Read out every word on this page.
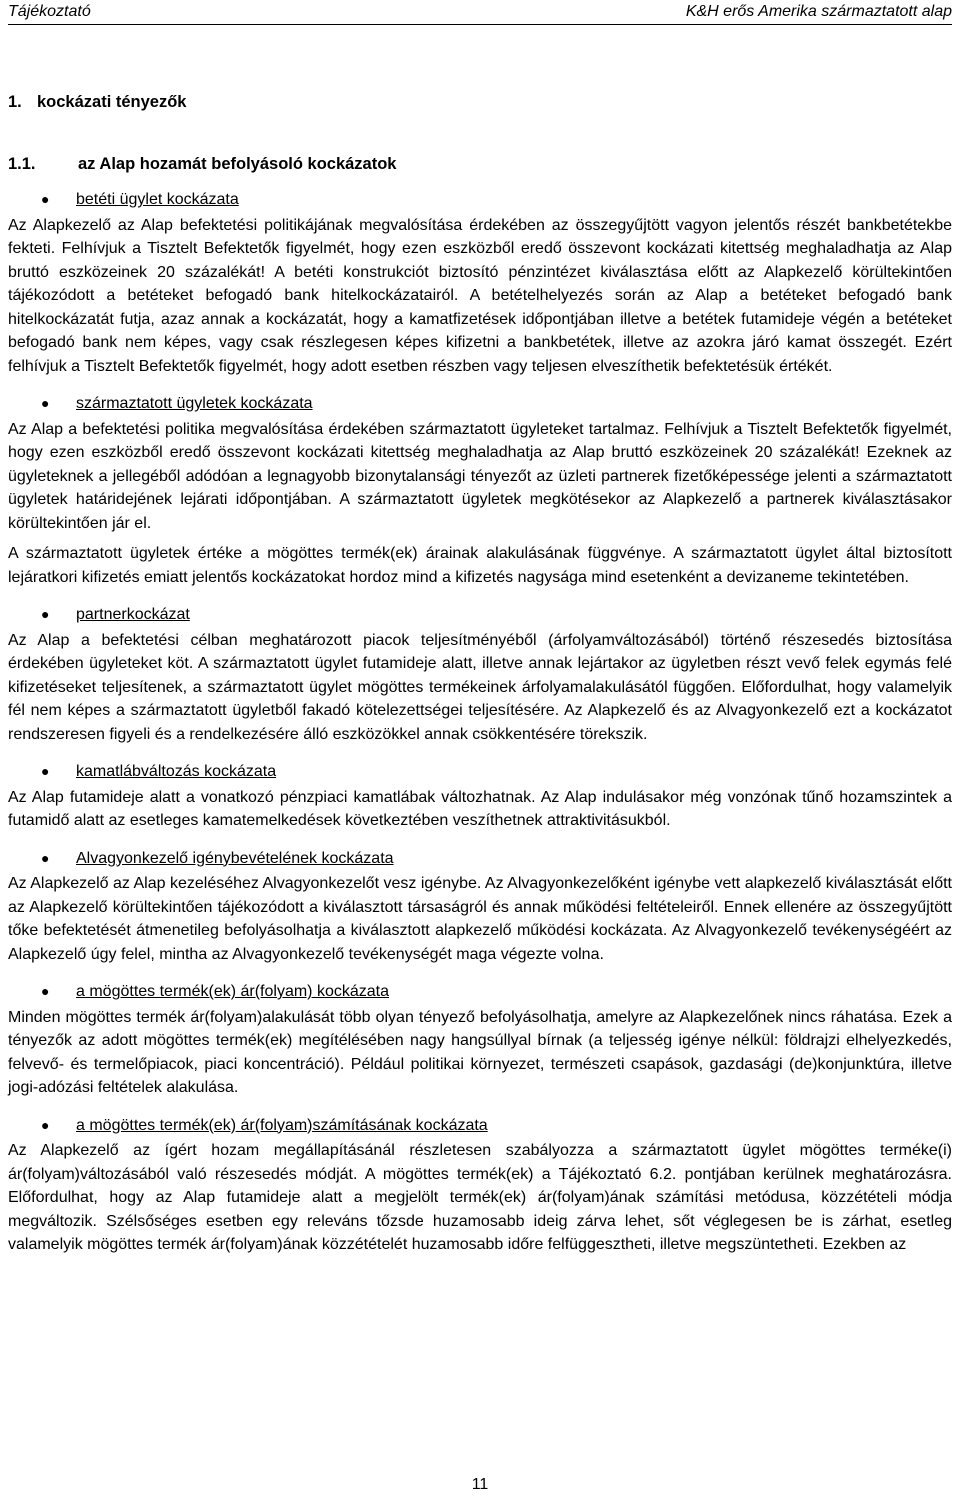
Tájékoztató	K&H erős Amerika származtatott alap
1. kockázati tényezők
1.1.	az Alap hozamát befolyásoló kockázatok
●	betéti ügylet kockázata

Az Alapkezelő az Alap befektetési politikájának megvalósítása érdekében az összegyűjtött vagyon jelentős részét bankbetétekbe fekteti. Felhívjuk a Tisztelt Befektetők figyelmét, hogy ezen eszközből eredő összevont kockázati kitettség meghaladhatja az Alap bruttó eszközeinek 20 százalékát! A betéti konstrukciót biztosító pénzintézet kiválasztása előtt az Alapkezelő körültekintően tájékozódott a betéteket befogadó bank hitelkockázatairól. A betételhelyezés során az Alap a betéteket befogadó bank hitelkockázatát futja, azaz annak a kockázatát, hogy a kamatfizetések időpontjában illetve a betétek futamideje végén a betéteket befogadó bank nem képes, vagy csak részlegesen képes kifizetni a bankbetétek, illetve az azokra járó kamat összegét. Ezért felhívjuk a Tisztelt Befektetők figyelmét, hogy adott esetben részben vagy teljesen elveszíthetik befektetésük értékét.

●	származtatott ügyletek kockázata

Az Alap a befektetési politika megvalósítása érdekében származtatott ügyleteket tartalmaz. Felhívjuk a Tisztelt Befektetők figyelmét, hogy ezen eszközből eredő összevont kockázati kitettség meghaladhatja az Alap bruttó eszközeinek 20 százalékát! Ezeknek az ügyleteknek a jellegéből adódóan a legnagyobb bizonytalansági tényezőt az üzleti partnerek fizetőképessége jelenti a származtatott ügyletek határidejének lejárati időpontjában. A származtatott ügyletek megkötésekor az Alapkezelő a partnerek kiválasztásakor körültekintően jár el.

A származtatott ügyletek értéke a mögöttes termék(ek) árainak alakulásának függvénye. A származtatott ügylet által biztosított lejáratkori kifizetés emiatt jelentős kockázatokat hordoz mind a kifizetés nagysága mind esetenként a devizaneme tekintetében.

●	partnerkockázat

Az Alap a befektetési célban meghatározott piacok teljesítményéből (árfolyamváltozásából) történő részesedés biztosítása érdekében ügyleteket köt. A származtatott ügylet futamideje alatt, illetve annak lejártakor az ügyletben részt vevő felek egymás felé kifizetéseket teljesítenek, a származtatott ügylet mögöttes termékeinek árfolyamalakulásától függően. Előfordulhat, hogy valamelyik fél nem képes a származtatott ügyletből fakadó kötelezettségei teljesítésére. Az Alapkezelő és az Alvagyonkezelő ezt a kockázatot rendszeresen figyeli és a rendelkezésére álló eszközökkel annak csökkentésére törekszik.

●	kamatlábváltozás kockázata

Az Alap futamideje alatt a vonatkozó pénzpiaci kamatlábak változhatnak. Az Alap indulásakor még vonzónak tűnő hozamszintek a futamidő alatt az esetleges kamatemelkedések következtében veszíthetnek attraktivitásukból.

●	Alvagyonkezelő igénybevételének kockázata

Az Alapkezelő az Alap kezeléséhez Alvagyonkezelőt vesz igénybe. Az Alvagyonkezelőként igénybe vett alapkezelő kiválasztását előtt az Alapkezelő körültekintően tájékozódott a kiválasztott társaságról és annak működési feltételeiről. Ennek ellenére az összegyűjtött tőke befektetését átmenetileg befolyásolhatja a kiválasztott alapkezelő működési kockázata. Az Alvagyonkezelő tevékenységéért az Alapkezelő úgy felel, mintha az Alvagyonkezelő tevékenységét maga végezte volna.

●	a mögöttes termék(ek) ár(folyam) kockázata

Minden mögöttes termék ár(folyam)alakulását több olyan tényező befolyásolhatja, amelyre az Alapkezelőnek nincs ráhatása. Ezek a tényezők az adott mögöttes termék(ek) megítélésében nagy hangsúllyal bírnak (a teljesség igénye nélkül: földrajzi elhelyezkedés, felvevő- és termelőpiacok, piaci koncentráció). Például politikai környezet, természeti csapások, gazdasági (de)konjunktúra, illetve jogi-adózási feltételek alakulása.

●	a mögöttes termék(ek) ár(folyam)számításának kockázata

Az Alapkezelő az ígért hozam megállapításánál részletesen szabályozza a származtatott ügylet mögöttes terméke(i) ár(folyam)változásából való részesedés módját. A mögöttes termék(ek) a Tájékoztató 6.2. pontjában kerülnek meghatározásra. Előfordulhat, hogy az Alap futamideje alatt a megjelölt termék(ek) ár(folyam)ának számítási metódusa, közzétételi módja megváltozik. Szélsőséges esetben egy releváns tőzsde huzamosabb ideig zárva lehet, sőt véglegesen be is zárhat, esetleg valamelyik mögöttes termék ár(folyam)ának közzétételét huzamosabb időre felfüggesztheti, illetve megszüntetheti. Ezekben az

11
